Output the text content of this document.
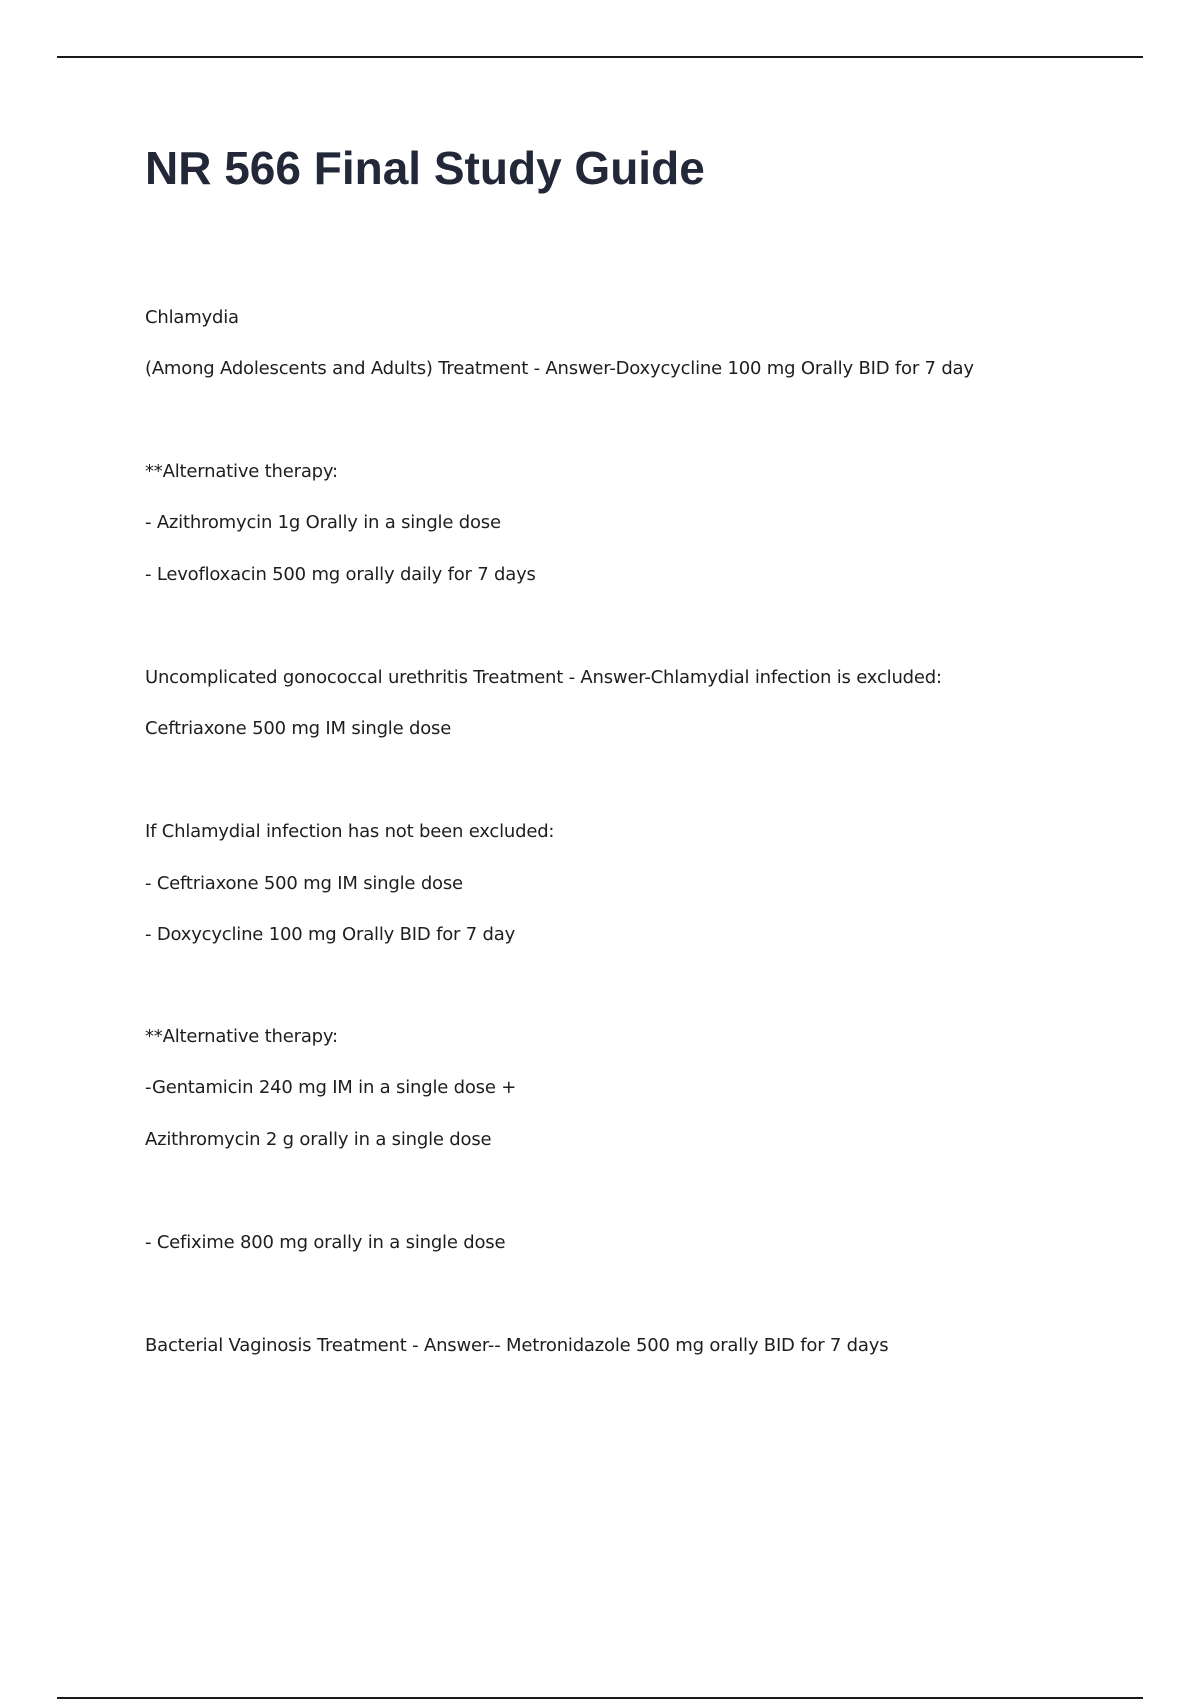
NR 566 Final Study Guide

Chlamydia

(Among Adolescents and Adults) Treatment - Answer-Doxycycline 100 mg Orally BID for 7 day

**Alternative therapy:

- Azithromycin 1g Orally in a single dose

- Levofloxacin 500 mg orally daily for 7 days

Uncomplicated gonococcal urethritis Treatment - Answer-Chlamydial infection is excluded:

Ceftriaxone 500 mg IM single dose

If Chlamydial infection has not been excluded:

- Ceftriaxone 500 mg IM single dose

- Doxycycline 100 mg Orally BID for 7 day

**Alternative therapy:

-Gentamicin 240 mg IM in a single dose +

Azithromycin 2 g orally in a single dose

- Cefixime 800 mg orally in a single dose

Bacterial Vaginosis Treatment - Answer-- Metronidazole 500 mg orally BID for 7 days
